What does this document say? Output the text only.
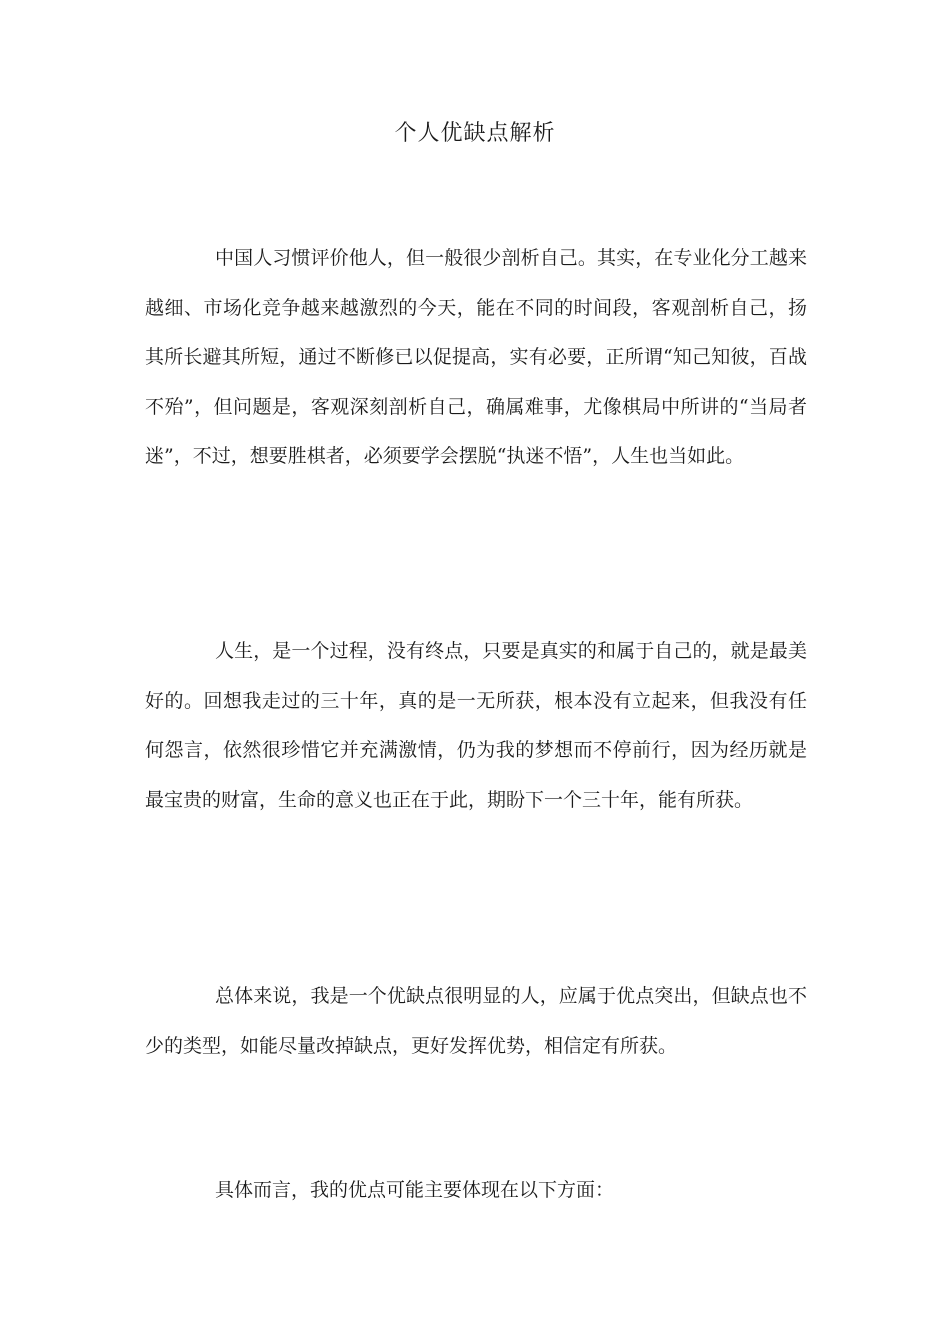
个人优缺点解析

中国人习惯评价他人，但一般很少剖析自己。其实，在专业化分工越来越细、市场化竞争越来越激烈的今天，能在不同的时间段，客观剖析自己，扬其所长避其所短，通过不断修已以促提高，实有必要，正所谓“知己知彼，百战不殆”，但问题是，客观深刻剖析自己，确属难事，尤像棋局中所讲的“当局者迷”，不过，想要胜棋者，必须要学会摆脱“执迷不悟”，人生也当如此。

人生，是一个过程，没有终点，只要是真实的和属于自己的，就是最美好的。回想我走过的三十年，真的是一无所获，根本没有立起来，但我没有任何怨言，依然很珍惜它并充满激情，仍为我的梦想而不停前行，因为经历就是最宝贵的财富，生命的意义也正在于此，期盼下一个三十年，能有所获。

总体来说，我是一个优缺点很明显的人，应属于优点突出，但缺点也不少的类型，如能尽量改掉缺点，更好发挥优势，相信定有所获。

具体而言，我的优点可能主要体现在以下方面：
